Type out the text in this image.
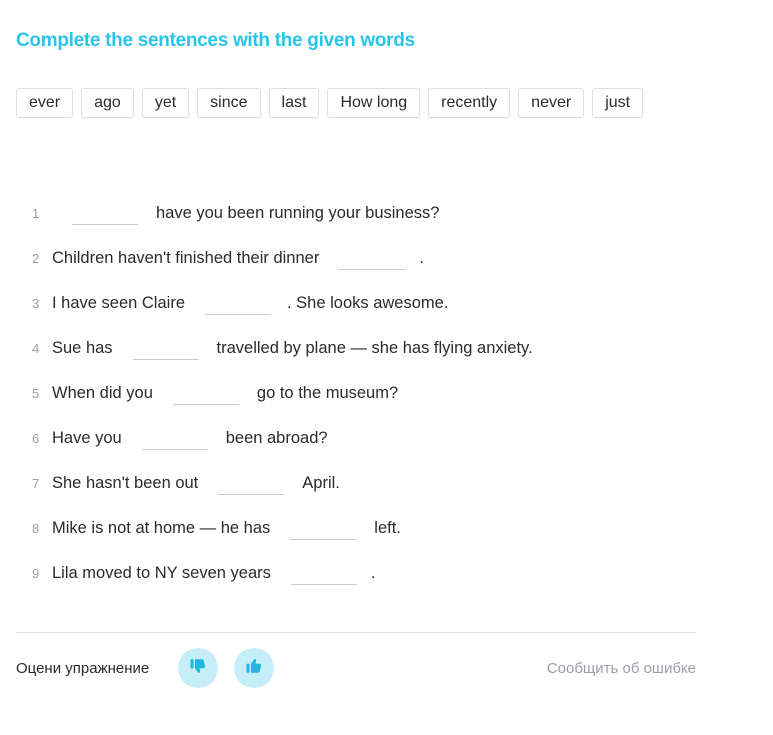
Complete the sentences with the given words
ever	ago	yet	since	last	How long	recently	never	just
1	have you been running your business?
2 Children haven't finished their dinner	.
3 I have seen Claire	. She looks awesome.
4 Sue has	travelled by plane — she has flying anxiety.
5 When did you	go to the museum?
6 Have you	been abroad?
7 She hasn't been out	April.
8 Mike is not at home — he has	left.
9 Lila moved to NY seven years	.
Оцени упражнение	Сообщить об ошибке
